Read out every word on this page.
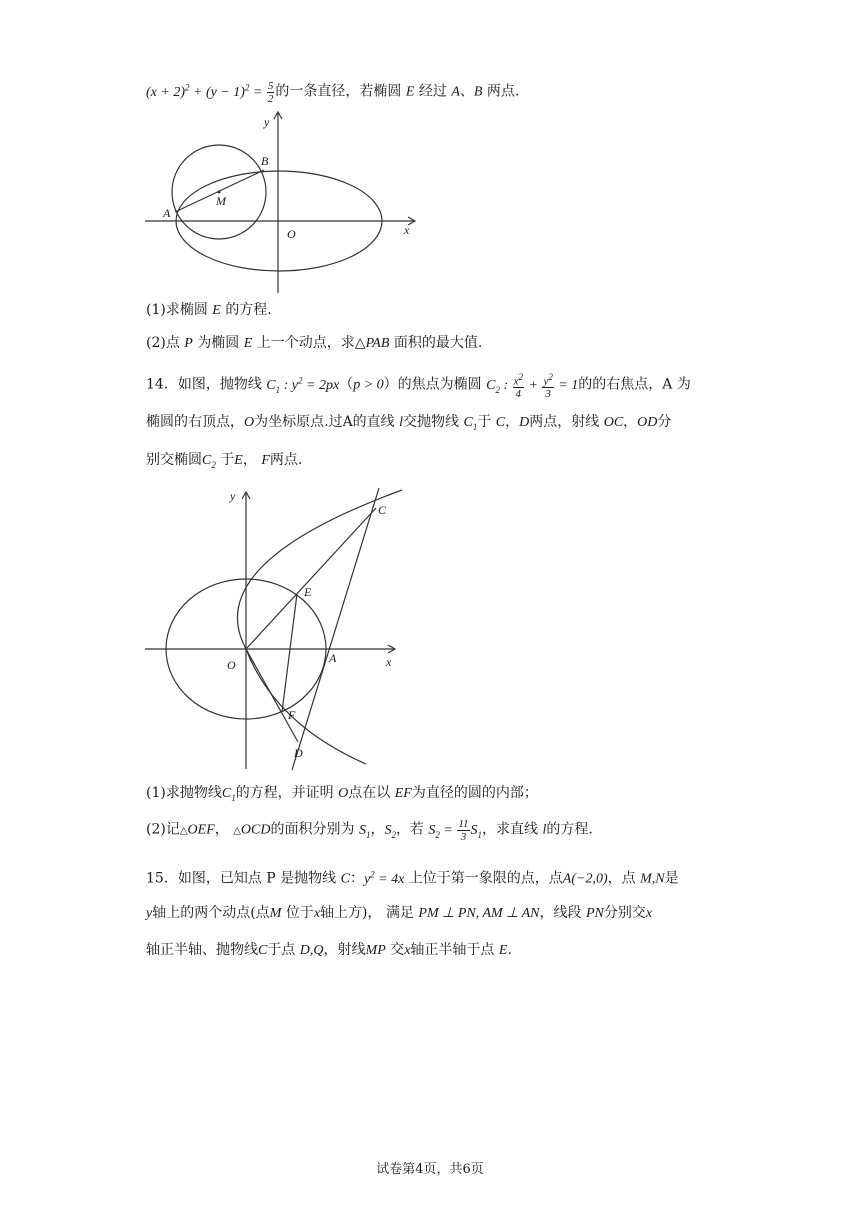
$(x + 2)^2 + (y - 1)^2 = \frac{5}{2}$ 的一条直径，若椭圆 E 经过 A、B 两点.
y
B
A
M
O	x
(1)求椭圆 E 的方程.
(2)点 P 为椭圆 E 上一个动点，求△PAB 面积的最大值.
14．如图，抛物线 $C_1$ : $y^2 = 2px(p > 0)$的焦点为椭圆 $C_2$ : $\frac{x^2}{4} + \frac{y^2}{3} = 1$的的右焦点，A 为
椭圆的右顶点，O为坐标原点.过A的直线 l交抛物线 $C_1$于 C，D两点，射线 OC，OD分
别交椭圆$C_2$ 于E， F两点.
y
C
E
O	A	x
F
D
(1)求抛物线$C_1$的方程，并证明 O点在以 EF为直径的圆的内部；
(2)记△OEF， △OCD的面积分别为 $S_1$，$S_2$，若 $S_2 = \frac{11}{3} S_1$，求直线 l的方程.
15．如图，已知点 P 是抛物线 C：$y^2 = 4x$ 上位于第一象限的点，点A(−2,0)，点 M,N是
y轴上的两个动点(点M 位于x轴上方)， 满足 PM ⊥ PN, AM ⊥ AN，线段 PN分别交x
轴正半轴、抛物线C于点 D,Q，射线MP 交x轴正半轴于点 E.
试卷第4页，共6页
